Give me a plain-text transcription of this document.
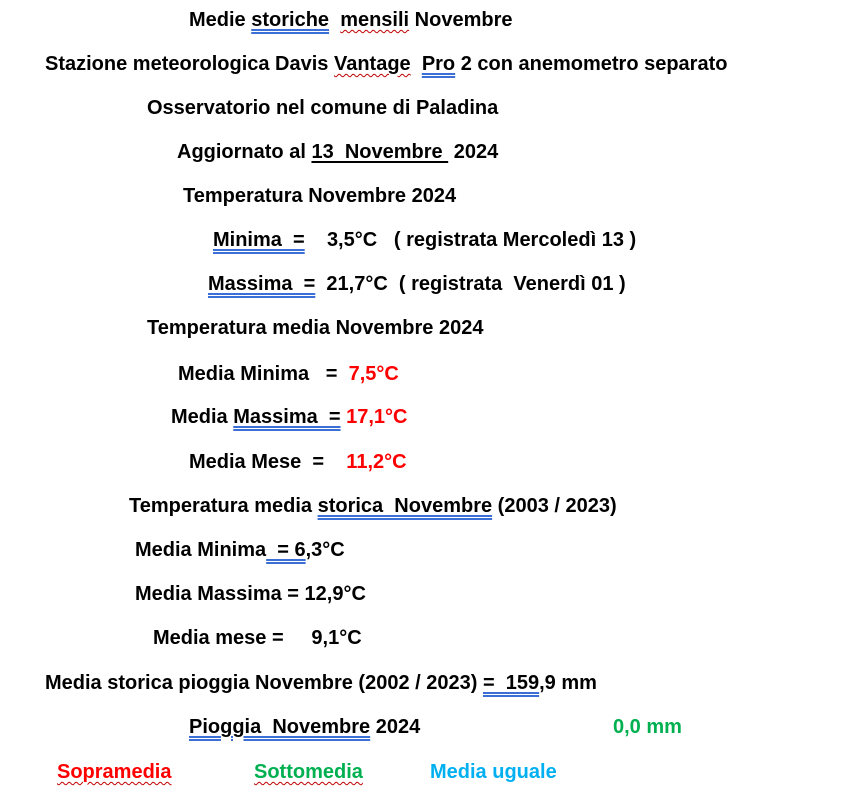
Medie storiche mensili Novembre
Stazione meteorologica Davis Vantage Pro 2 con anemometro separato
Osservatorio nel comune di Paladina
Aggiornato al 13  Novembre  2024
Temperatura Novembre 2024
Minima  = 3,5°C   ( registrata Mercoledì 13 )
Massima  = 21,7°C  ( registrata  Venerdì 01 )
Temperatura media Novembre 2024
Media Minima   = 7,5°C
Media Massima  = 17,1°C
Media Mese  = 11,2°C
Temperatura media storica  Novembre (2003 / 2023)
Media Minima  = 6,3°C
Media Massima = 12,9°C
Media mese = 9,1°C
Media storica pioggia Novembre (2002 / 2023) =  159,9 mm
Pioggia  Novembre 2024	0,0 mm
Sopramedia	Sottomedia	Media uguale
